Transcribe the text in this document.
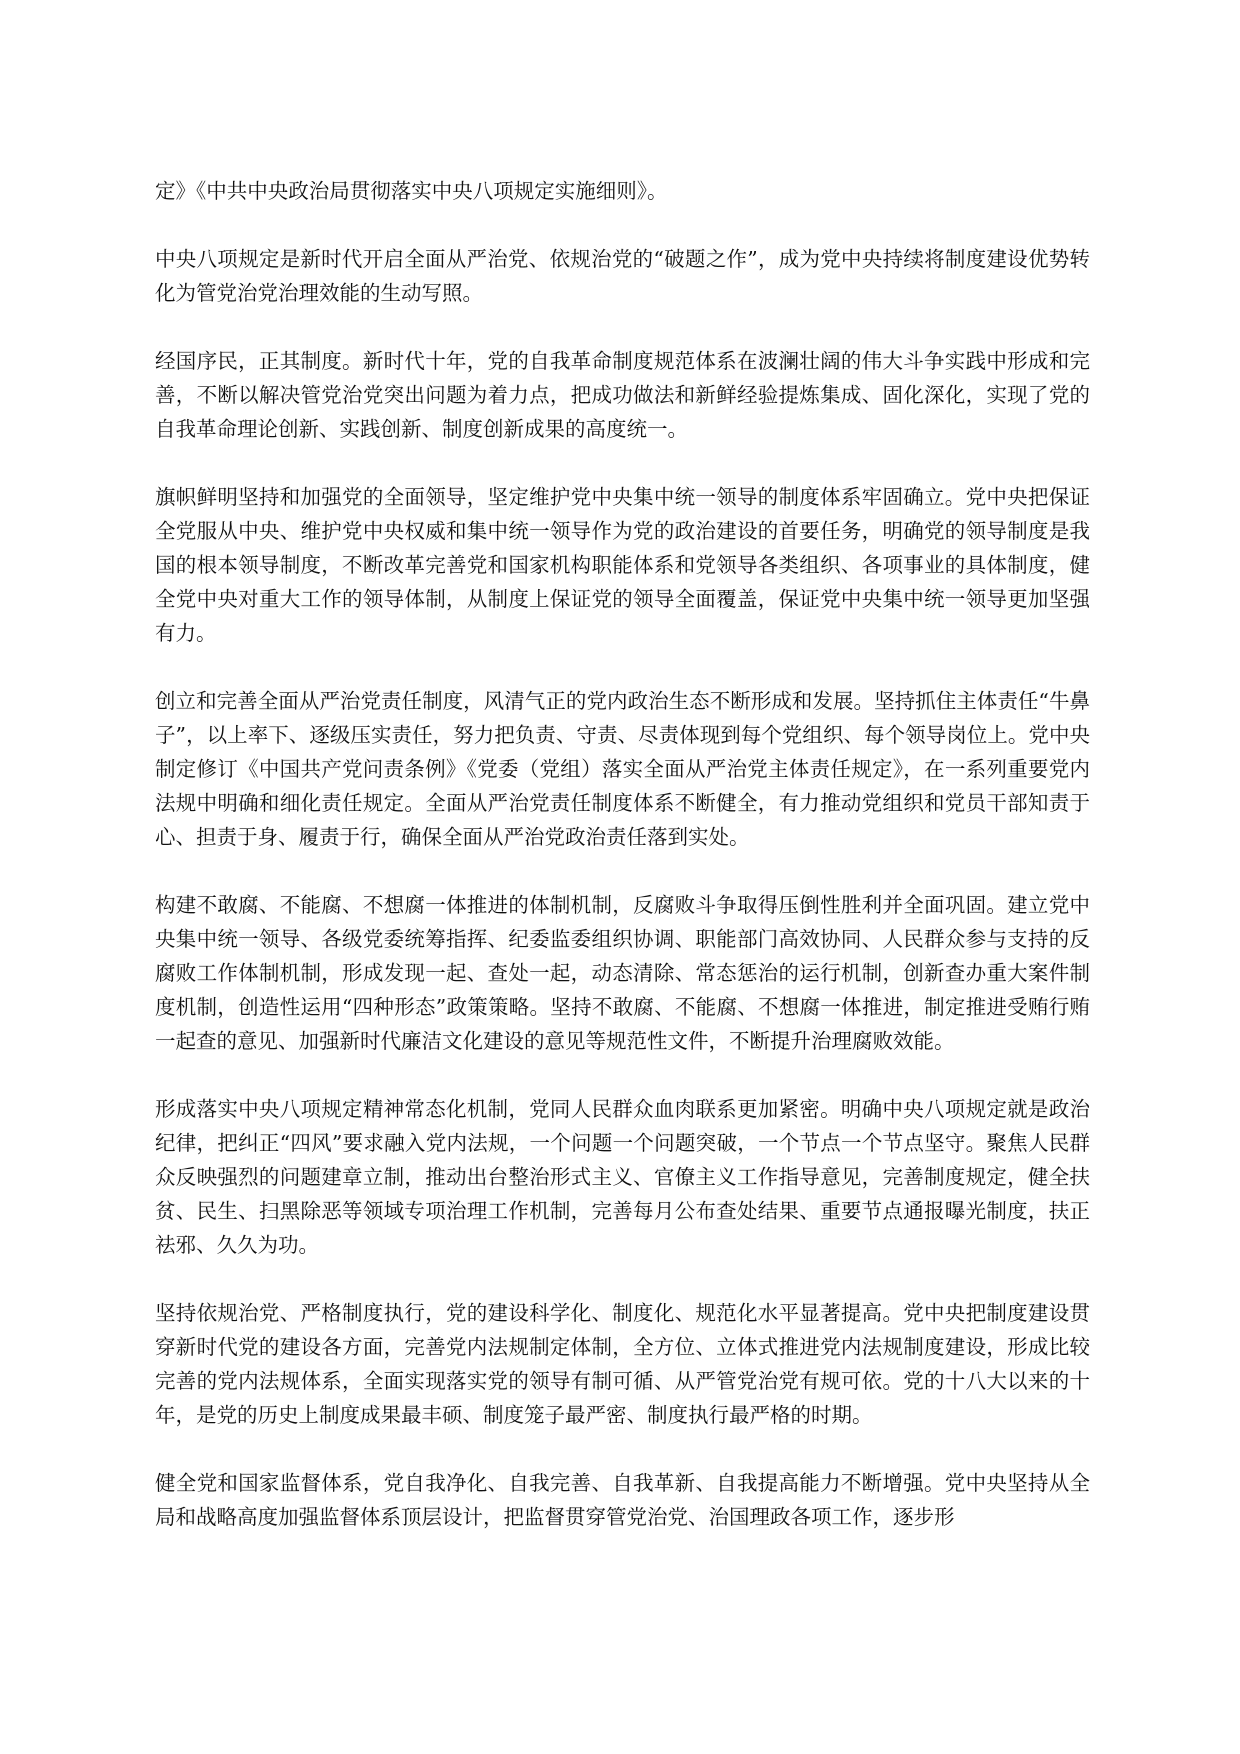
定》《中共中央政治局贯彻落实中央八项规定实施细则》。

中央八项规定是新时代开启全面从严治党、依规治党的“破题之作”，成为党中央持续将制度建设优势转化为管党治党治理效能的生动写照。

经国序民，正其制度。新时代十年，党的自我革命制度规范体系在波澜壮阔的伟大斗争实践中形成和完善，不断以解决管党治党突出问题为着力点，把成功做法和新鲜经验提炼集成、固化深化，实现了党的自我革命理论创新、实践创新、制度创新成果的高度统一。

旗帜鲜明坚持和加强党的全面领导，坚定维护党中央集中统一领导的制度体系牢固确立。党中央把保证全党服从中央、维护党中央权威和集中统一领导作为党的政治建设的首要任务，明确党的领导制度是我国的根本领导制度，不断改革完善党和国家机构职能体系和党领导各类组织、各项事业的具体制度，健全党中央对重大工作的领导体制，从制度上保证党的领导全面覆盖，保证党中央集中统一领导更加坚强有力。

创立和完善全面从严治党责任制度，风清气正的党内政治生态不断形成和发展。坚持抓住主体责任“牛鼻子”，以上率下、逐级压实责任，努力把负责、守责、尽责体现到每个党组织、每个领导岗位上。党中央制定修订《中国共产党问责条例》《党委（党组）落实全面从严治党主体责任规定》，在一系列重要党内法规中明确和细化责任规定。全面从严治党责任制度体系不断健全，有力推动党组织和党员干部知责于心、担责于身、履责于行，确保全面从严治党政治责任落到实处。

构建不敢腐、不能腐、不想腐一体推进的体制机制，反腐败斗争取得压倒性胜利并全面巩固。建立党中央集中统一领导、各级党委统筹指挥、纪委监委组织协调、职能部门高效协同、人民群众参与支持的反腐败工作体制机制，形成发现一起、查处一起，动态清除、常态惩治的运行机制，创新查办重大案件制度机制，创造性运用“四种形态”政策策略。坚持不敢腐、不能腐、不想腐一体推进，制定推进受贿行贿一起查的意见、加强新时代廉洁文化建设的意见等规范性文件，不断提升治理腐败效能。

形成落实中央八项规定精神常态化机制，党同人民群众血肉联系更加紧密。明确中央八项规定就是政治纪律，把纠正“四风”要求融入党内法规，一个问题一个问题突破，一个节点一个节点坚守。聚焦人民群众反映强烈的问题建章立制，推动出台整治形式主义、官僚主义工作指导意见，完善制度规定，健全扶贫、民生、扫黑除恶等领域专项治理工作机制，完善每月公布查处结果、重要节点通报曝光制度，扶正祛邪、久久为功。

坚持依规治党、严格制度执行，党的建设科学化、制度化、规范化水平显著提高。党中央把制度建设贯穿新时代党的建设各方面，完善党内法规制定体制，全方位、立体式推进党内法规制度建设，形成比较完善的党内法规体系，全面实现落实党的领导有制可循、从严管党治党有规可依。党的十八大以来的十年，是党的历史上制度成果最丰硕、制度笼子最严密、制度执行最严格的时期。

健全党和国家监督体系，党自我净化、自我完善、自我革新、自我提高能力不断增强。党中央坚持从全局和战略高度加强监督体系顶层设计，把监督贯穿管党治党、治国理政各项工作，逐步形
